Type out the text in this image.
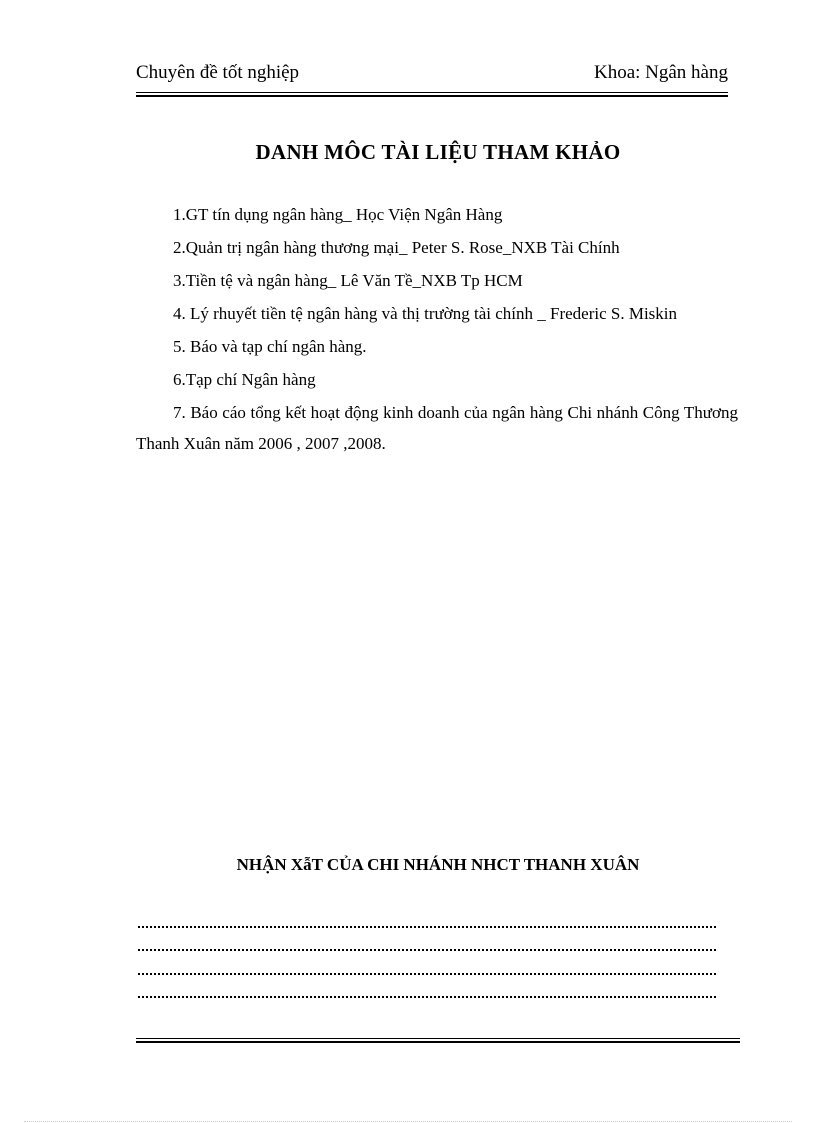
Chuyên đề tốt nghiệp	Khoa: Ngân hàng
DANH MÔC TÀI LIỆU THAM KHẢO
1.GT tín dụng ngân hàng_ Học Viện Ngân Hàng
2.Quản trị ngân hàng thương mại_ Peter S. Rose_NXB Tài Chính
3.Tiền tệ và ngân hàng_ Lê Văn Tề_NXB Tp HCM
4. Lý rhuyết tiền tệ ngân hàng và thị trường tài chính _ Frederic S. Miskin
5. Báo và tạp chí ngân hàng.
6.Tạp chí Ngân hàng
7. Báo cáo tổng kết hoạt động kinh doanh của ngân hàng Chi nhánh Công Thương Thanh Xuân năm 2006 , 2007 ,2008.
NHẬN XẫT CỦA CHI NHÁNH NHCT THANH XUÂN
